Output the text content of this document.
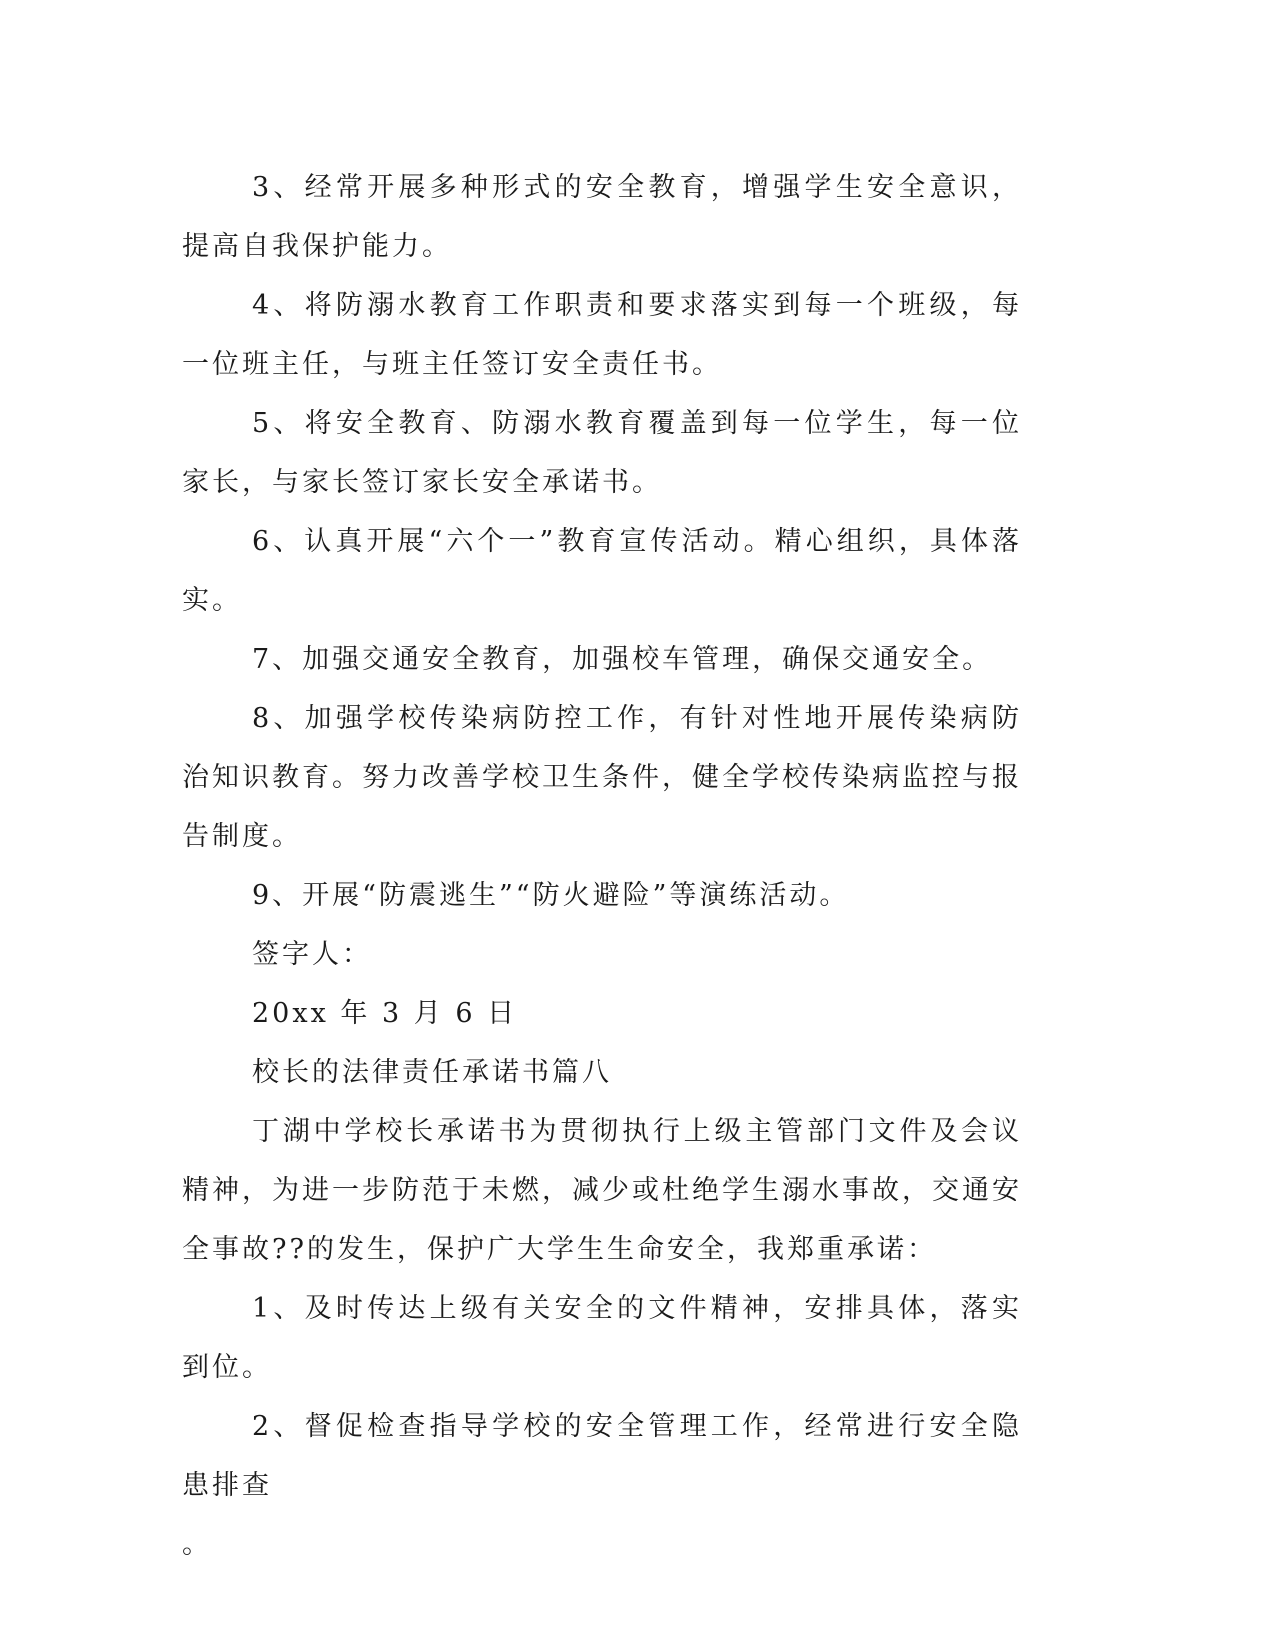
3、经常开展多种形式的安全教育，增强学生安全意识，提高自我保护能力。

4、将防溺水教育工作职责和要求落实到每一个班级，每一位班主任，与班主任签订安全责任书。

5、将安全教育、防溺水教育覆盖到每一位学生，每一位家长，与家长签订家长安全承诺书。

6、认真开展“六个一”教育宣传活动。精心组织，具体落实。

7、加强交通安全教育，加强校车管理，确保交通安全。

8、加强学校传染病防控工作，有针对性地开展传染病防治知识教育。努力改善学校卫生条件，健全学校传染病监控与报告制度。

9、开展“防震逃生”“防火避险”等演练活动。

签字人：

20xx 年 3 月 6 日

校长的法律责任承诺书篇八

丁湖中学校长承诺书为贯彻执行上级主管部门文件及会议精神，为进一步防范于未燃，减少或杜绝学生溺水事故，交通安全事故??的发生，保护广大学生生命安全，我郑重承诺：

1、及时传达上级有关安全的文件精神，安排具体，落实到位。

2、督促检查指导学校的安全管理工作，经常进行安全隐患排查

。
